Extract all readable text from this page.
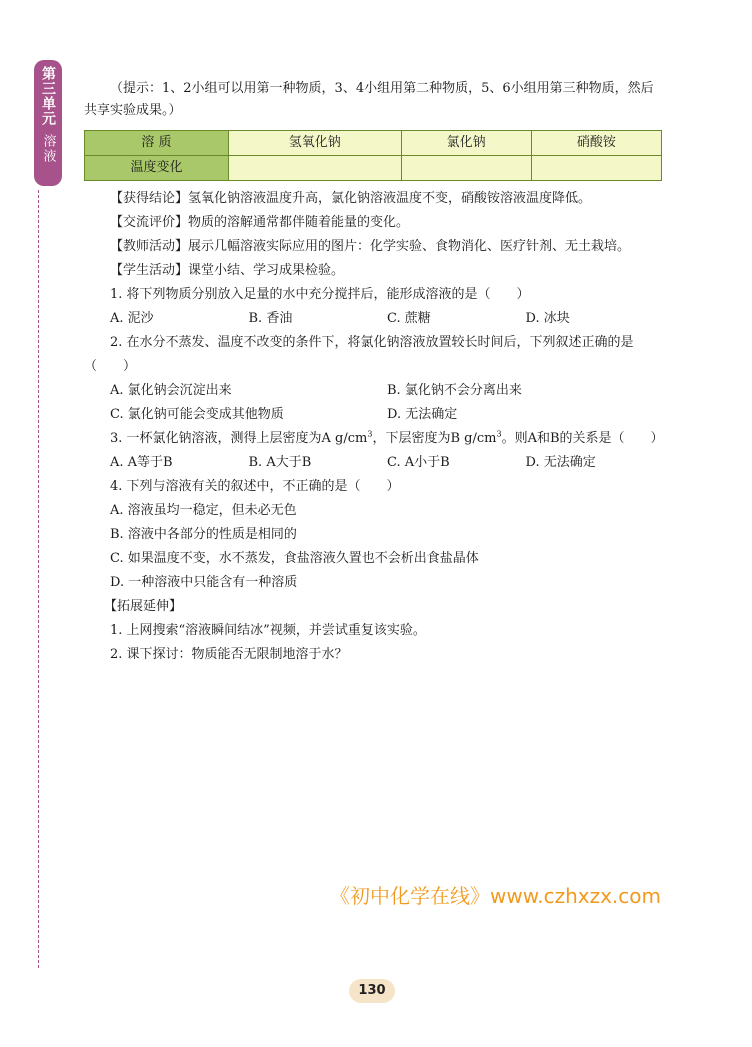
第三单元
溶液

（提示：1、2小组可以用第一种物质，3、4小组用第二种物质，5、6小组用第三种物质，然后共享实验成果。）

溶 质	氢氧化钠	氯化钠	硝酸铵
温度变化			

【获得结论】氢氧化钠溶液温度升高，氯化钠溶液温度不变，硝酸铵溶液温度降低。

【交流评价】物质的溶解通常都伴随着能量的变化。

【教师活动】展示几幅溶液实际应用的图片：化学实验、食物消化、医疗针剂、无土栽培。

【学生活动】课堂小结、学习成果检验。

1. 将下列物质分别放入足量的水中充分搅拌后，能形成溶液的是（　　）

A. 泥沙	B. 香油	C. 蔗糖	D. 冰块

2. 在水分不蒸发、温度不改变的条件下，将氯化钠溶液放置较长时间后，下列叙述正确的是（　　）

A. 氯化钠会沉淀出来	B. 氯化钠不会分离出来
C. 氯化钠可能会变成其他物质	D. 无法确定

3. 一杯氯化钠溶液，测得上层密度为A $g/cm^3$，下层密度为B $g/cm^3$。则A和B的关系是（　　）

A. A等于B	B. A大于B	C. A小于B	D. 无法确定

4. 下列与溶液有关的叙述中，不正确的是（　　）

A. 溶液虽均一稳定，但未必无色

B. 溶液中各部分的性质是相同的

C. 如果温度不变，水不蒸发，食盐溶液久置也不会析出食盐晶体

D. 一种溶液中只能含有一种溶质

【拓展延伸】

1. 上网搜索“溶液瞬间结冰”视频，并尝试重复该实验。

2. 课下探讨：物质能否无限制地溶于水？

《初中化学在线》www.czhxzx.com
130
